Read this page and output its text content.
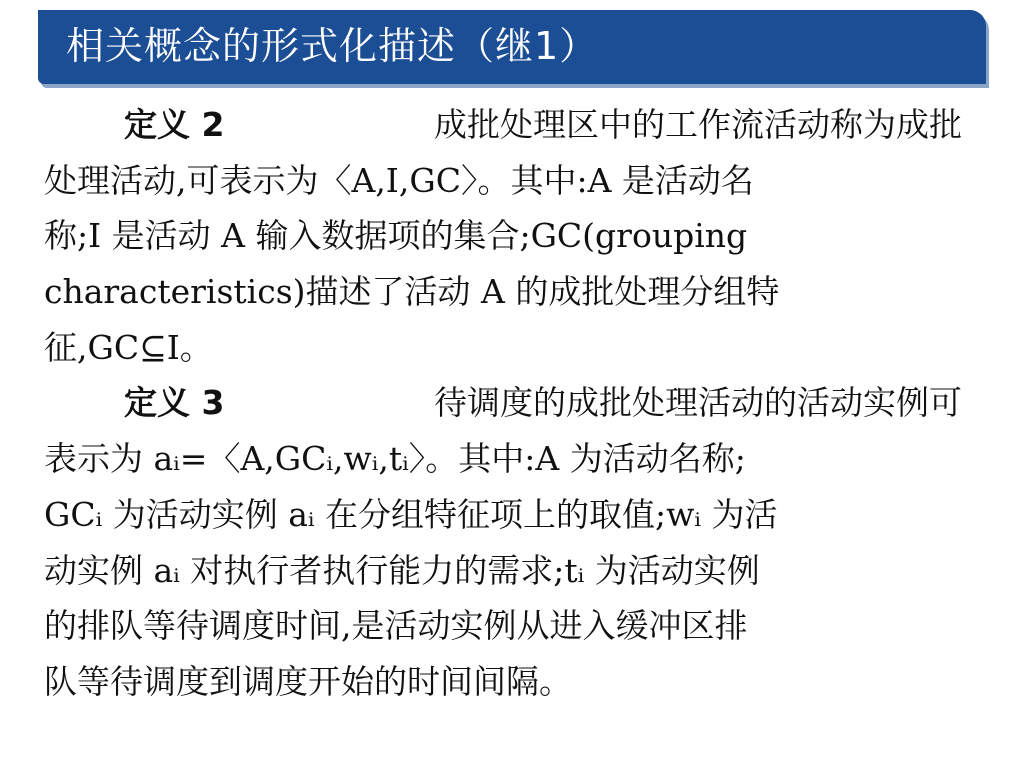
相关概念的形式化描述（继1）
定义 2	成批处理区中的工作流活动称为成批
处理活动,可表示为〈A,I,GC〉。其中:A 是活动名
称;I 是活动 A 输入数据项的集合;GC(grouping
characteristics)描述了活动 A 的成批处理分组特
征,GC⊆I。
定义 3	待调度的成批处理活动的活动实例可
表示为 aᵢ=〈A,GCᵢ,wᵢ,tᵢ〉。其中:A 为活动名称;
GCᵢ 为活动实例 aᵢ 在分组特征项上的取值;wᵢ 为活
动实例 aᵢ 对执行者执行能力的需求;tᵢ 为活动实例
的排队等待调度时间,是活动实例从进入缓冲区排
队等待调度到调度开始的时间间隔。
